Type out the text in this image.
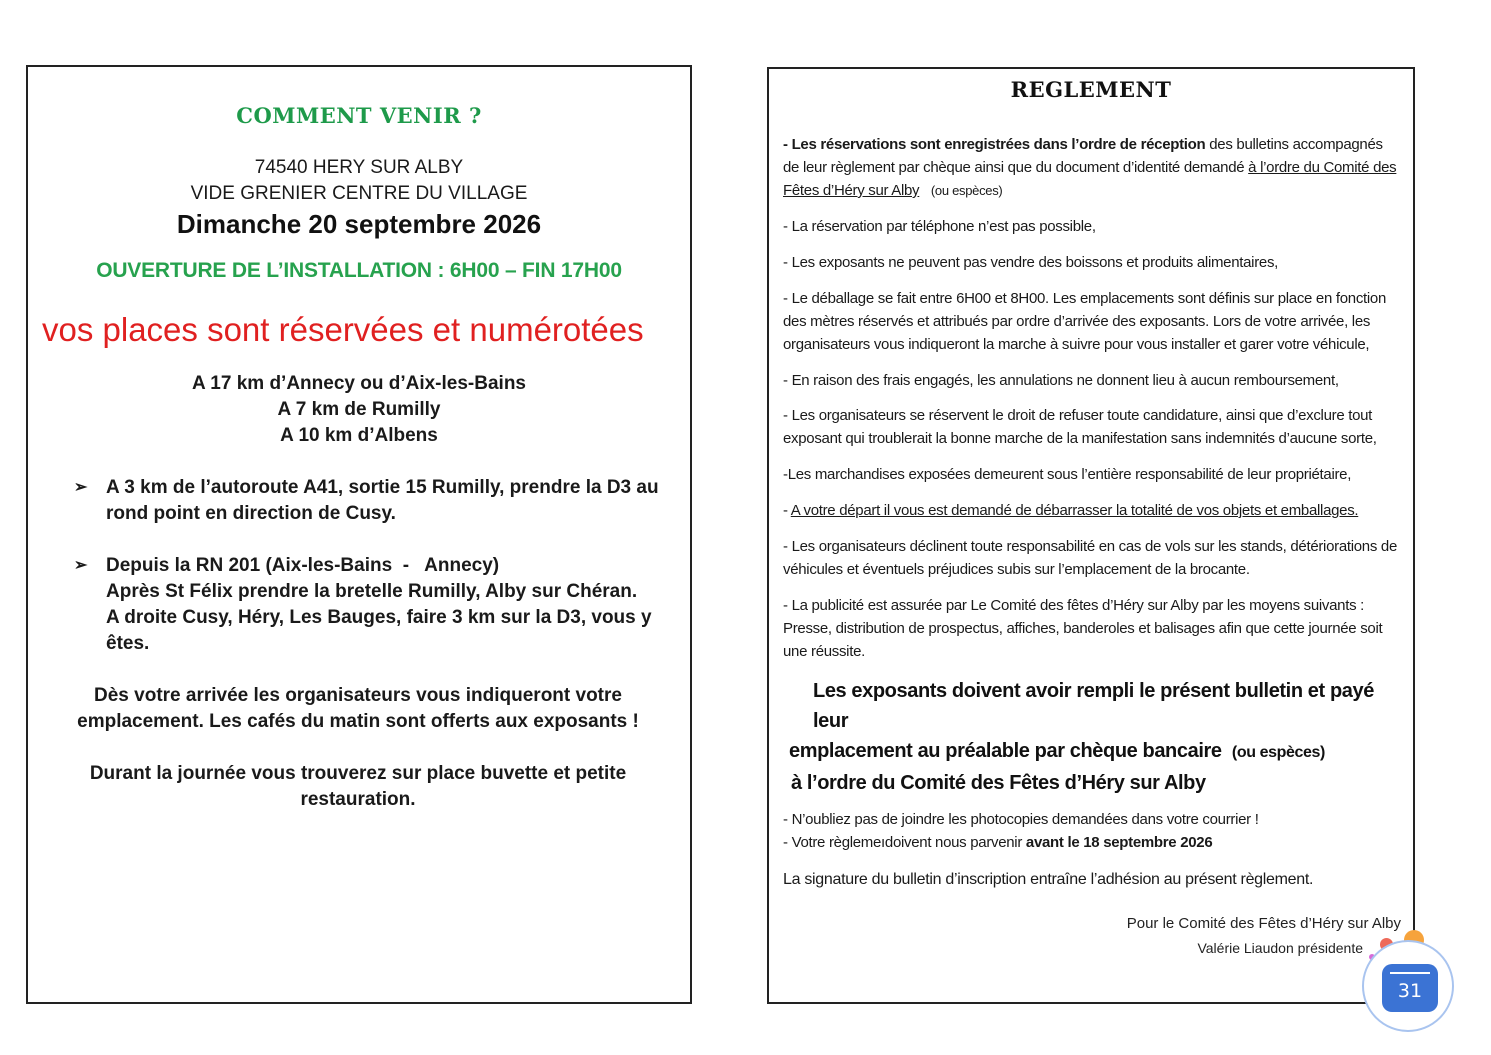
COMMENT VENIR ?
74540 HERY SUR ALBY
VIDE GRENIER CENTRE DU VILLAGE
Dimanche 20 septembre 2026
OUVERTURE DE L’INSTALLATION : 6H00 – FIN 17H00
vos places sont réservées et numérotées
A 17 km d’Annecy ou d’Aix-les-Bains
A 7 km de Rumilly
A 10 km d’Albens
➢ A 3 km de l’autoroute A41, sortie 15 Rumilly, prendre la D3 au
rond point en direction de Cusy.
➢ Depuis la RN 201 (Aix-les-Bains  -   Annecy)
Après St Félix prendre la bretelle Rumilly, Alby sur Chéran.
A droite Cusy, Héry, Les Bauges, faire 3 km sur la D3, vous y êtes.
Dès votre arrivée les organisateurs vous indiqueront votre emplacement. Les cafés du matin sont offerts aux exposants !
Durant la journée vous trouverez sur place buvette et petite restauration.
REGLEMENT
- Les réservations sont enregistrées dans l’ordre de réception des bulletins accompagnés de leur règlement par chèque ainsi que du document d’identité demandé à l’ordre du Comité des Fêtes d’Héry sur Alby (ou espèces)
- La réservation par téléphone n’est pas possible,
- Les exposants ne peuvent pas vendre des boissons et produits alimentaires,
- Le déballage se fait entre 6H00 et 8H00. Les emplacements sont définis sur place en fonction des mètres réservés et attribués par ordre d’arrivée des exposants. Lors de votre arrivée, les organisateurs vous indiqueront la marche à suivre pour vous installer et garer votre véhicule,
- En raison des frais engagés, les annulations ne donnent lieu à aucun remboursement,
- Les organisateurs se réservent le droit de refuser toute candidature, ainsi que d’exclure tout exposant qui troublerait la bonne marche de la manifestation sans indemnités d’aucune sorte,
-Les marchandises exposées demeurent sous l’entière responsabilité de leur propriétaire,
- A votre départ il vous est demandé de débarrasser la totalité de vos objets et emballages.
- Les organisateurs déclinent toute responsabilité en cas de vols sur les stands, détériorations de véhicules et éventuels préjudices subis sur l’emplacement de la brocante.
- La publicité est assurée par Le Comité des fêtes d’Héry sur Alby par les moyens suivants : Presse, distribution de prospectus, affiches, banderoles et balisages afin que cette journée soit une réussite.
Les exposants doivent avoir rempli le présent bulletin et payé leur
emplacement au préalable par chèque bancaire (ou espèces)
à l’ordre du Comité des Fêtes d’Héry sur Alby
- N’oubliez pas de joindre les photocopies demandées dans votre courrier !
- Votre règlemeıdoivent nous parvenir avant le 18 septembre 2026
La signature du bulletin d’inscription entraîne l’adhésion au présent règlement.
Pour le Comité des Fêtes d’Héry sur Alby
Valérie Liaudon présidente
31
